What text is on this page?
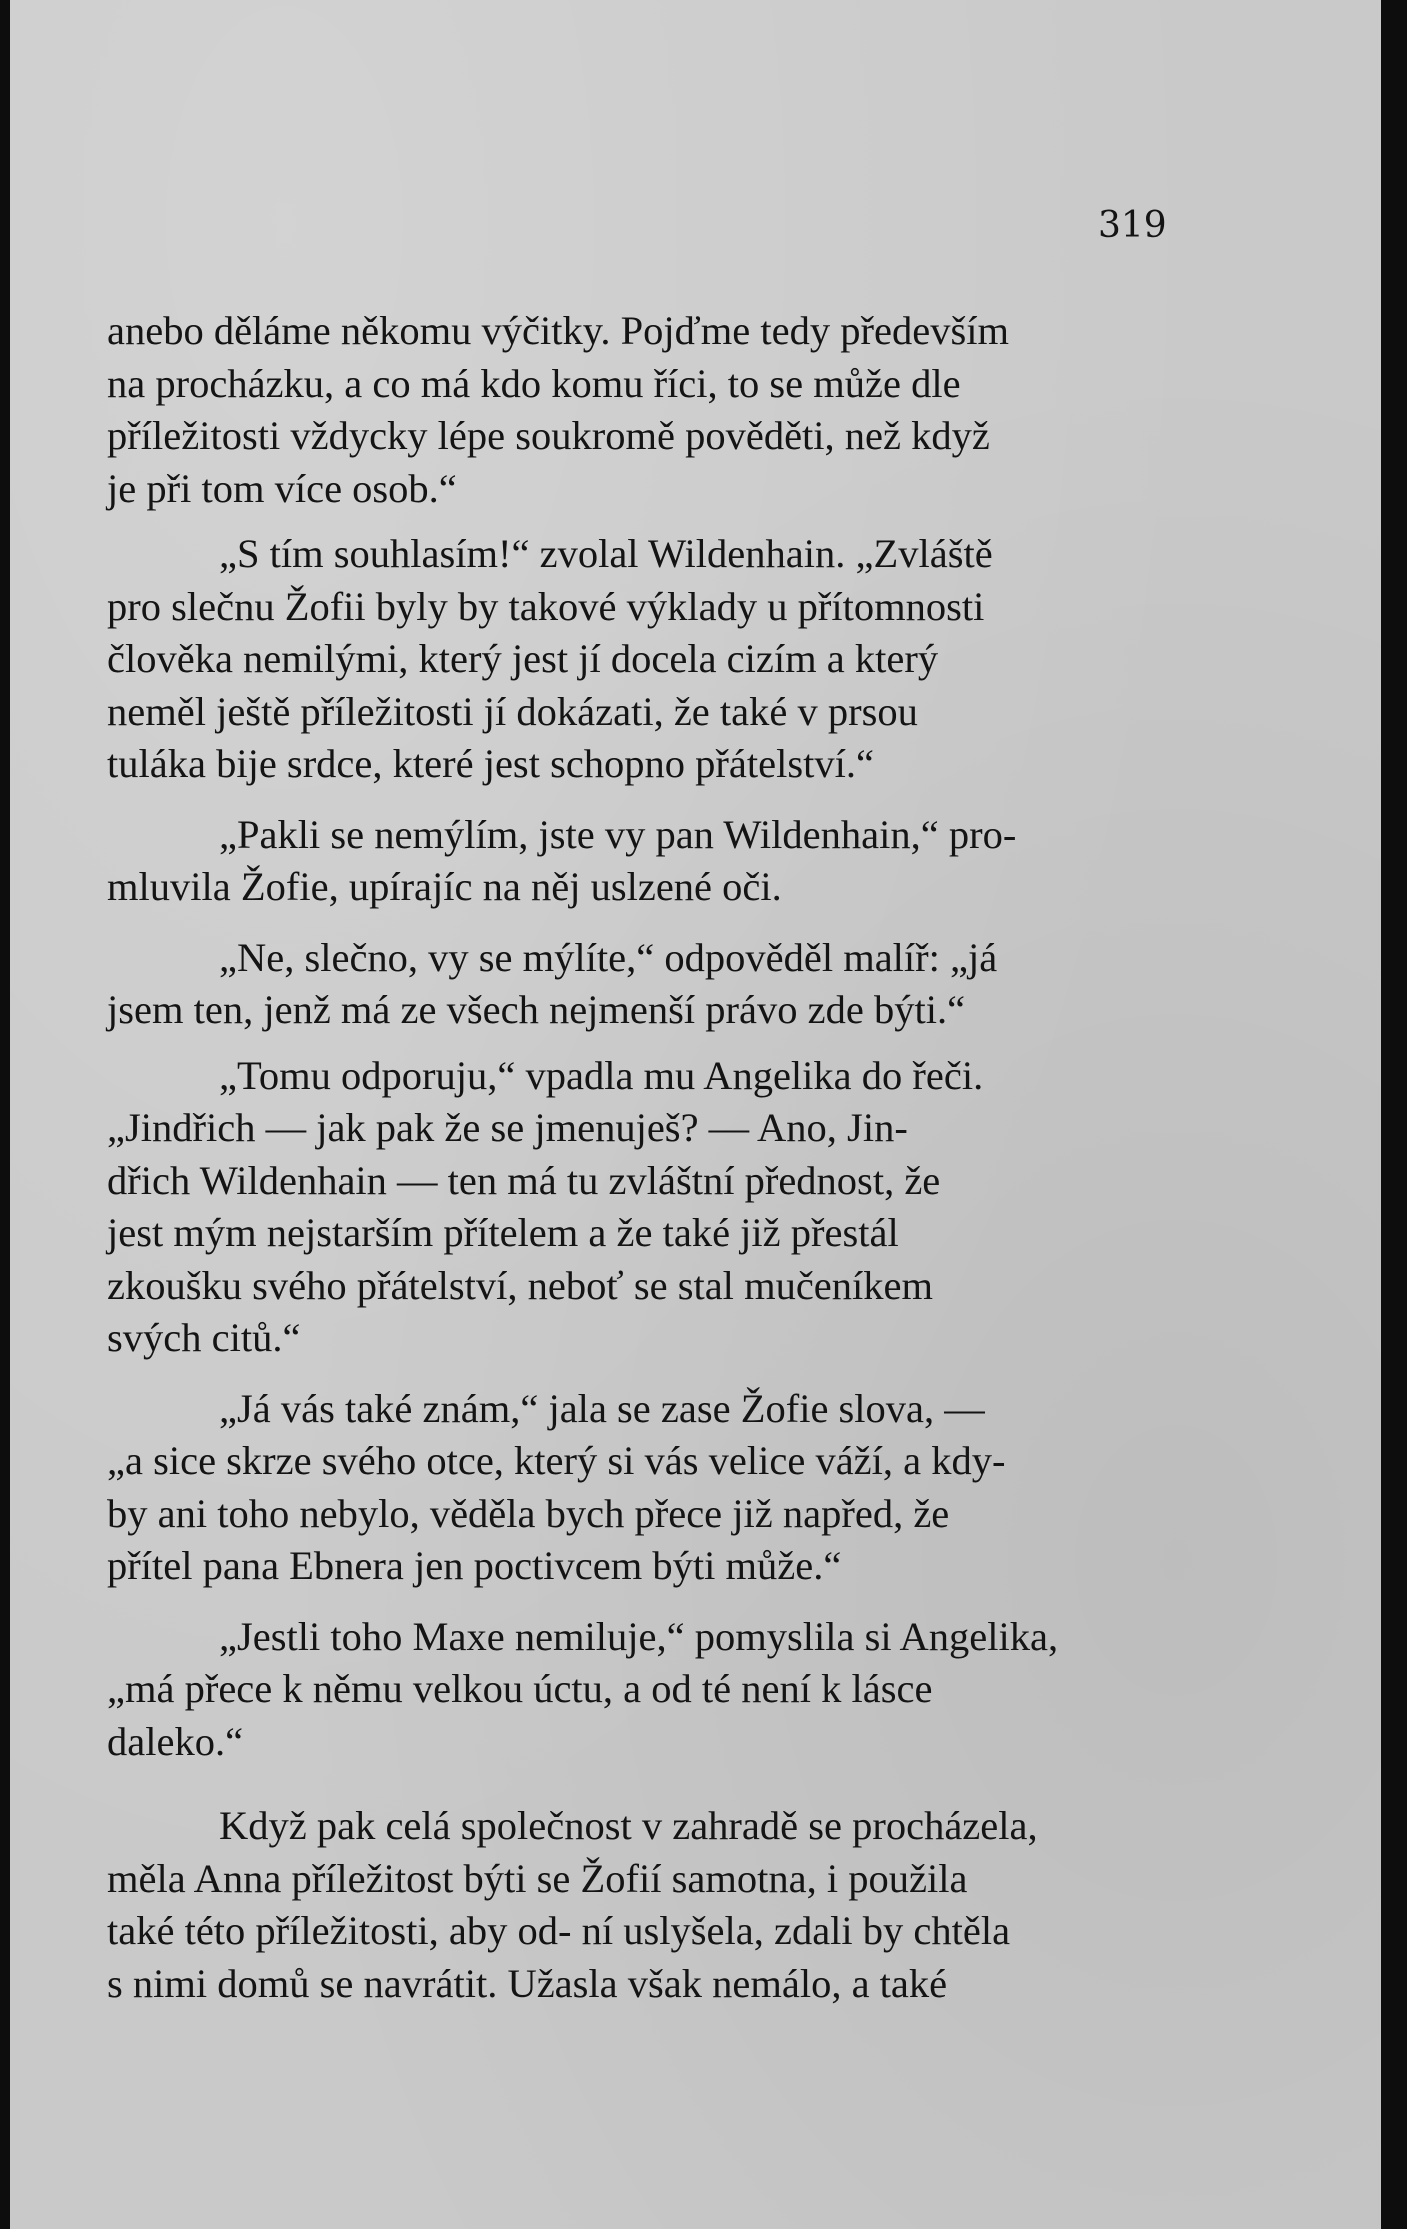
319

anebo děláme někomu výčitky. Pojďme tedy především
na procházku, a co má kdo komu říci, to se může dle
příležitosti vždycky lépe soukromě pověděti, než když
je při tom více osob.“

„S tím souhlasím!“ zvolal Wildenhain. „Zvláště
pro slečnu Žofii byly by takové výklady u přítomnosti
člověka nemilými, který jest jí docela cizím a který
neměl ještě příležitosti jí dokázati, že také v prsou
tuláka bije srdce, které jest schopno přátelství.“

„Pakli se nemýlím, jste vy pan Wildenhain,“ pro-
mluvila Žofie, upírajíc na něj uslzené oči.

„Ne, slečno, vy se mýlíte,“ odpověděl malíř: „já
jsem ten, jenž má ze všech nejmenší právo zde býti.“

„Tomu odporuju,“ vpadla mu Angelika do řeči.
„Jindřich — jak pak že se jmenuješ? — Ano, Jin-
dřich Wildenhain — ten má tu zvláštní přednost, že
jest mým nejstarším přítelem a že také již přestál
zkoušku svého přátelství, neboť se stal mučeníkem
svých citů.“

„Já vás také znám,“ jala se zase Žofie slova, —
„a sice skrze svého otce, který si vás velice váží, a kdy-
by ani toho nebylo, věděla bych přece již napřed, že
přítel pana Ebnera jen poctivcem býti může.“

„Jestli toho Maxe nemiluje,“ pomyslila si Angelika,
„má přece k němu velkou úctu, a od té není k lásce
daleko.“

Když pak celá společnost v zahradě se procházela,
měla Anna příležitost býti se Žofií samotna, i použila
také této příležitosti, aby od- ní uslyšela, zdali by chtěla
s nimi domů se navrátit. Užasla však nemálo, a také
